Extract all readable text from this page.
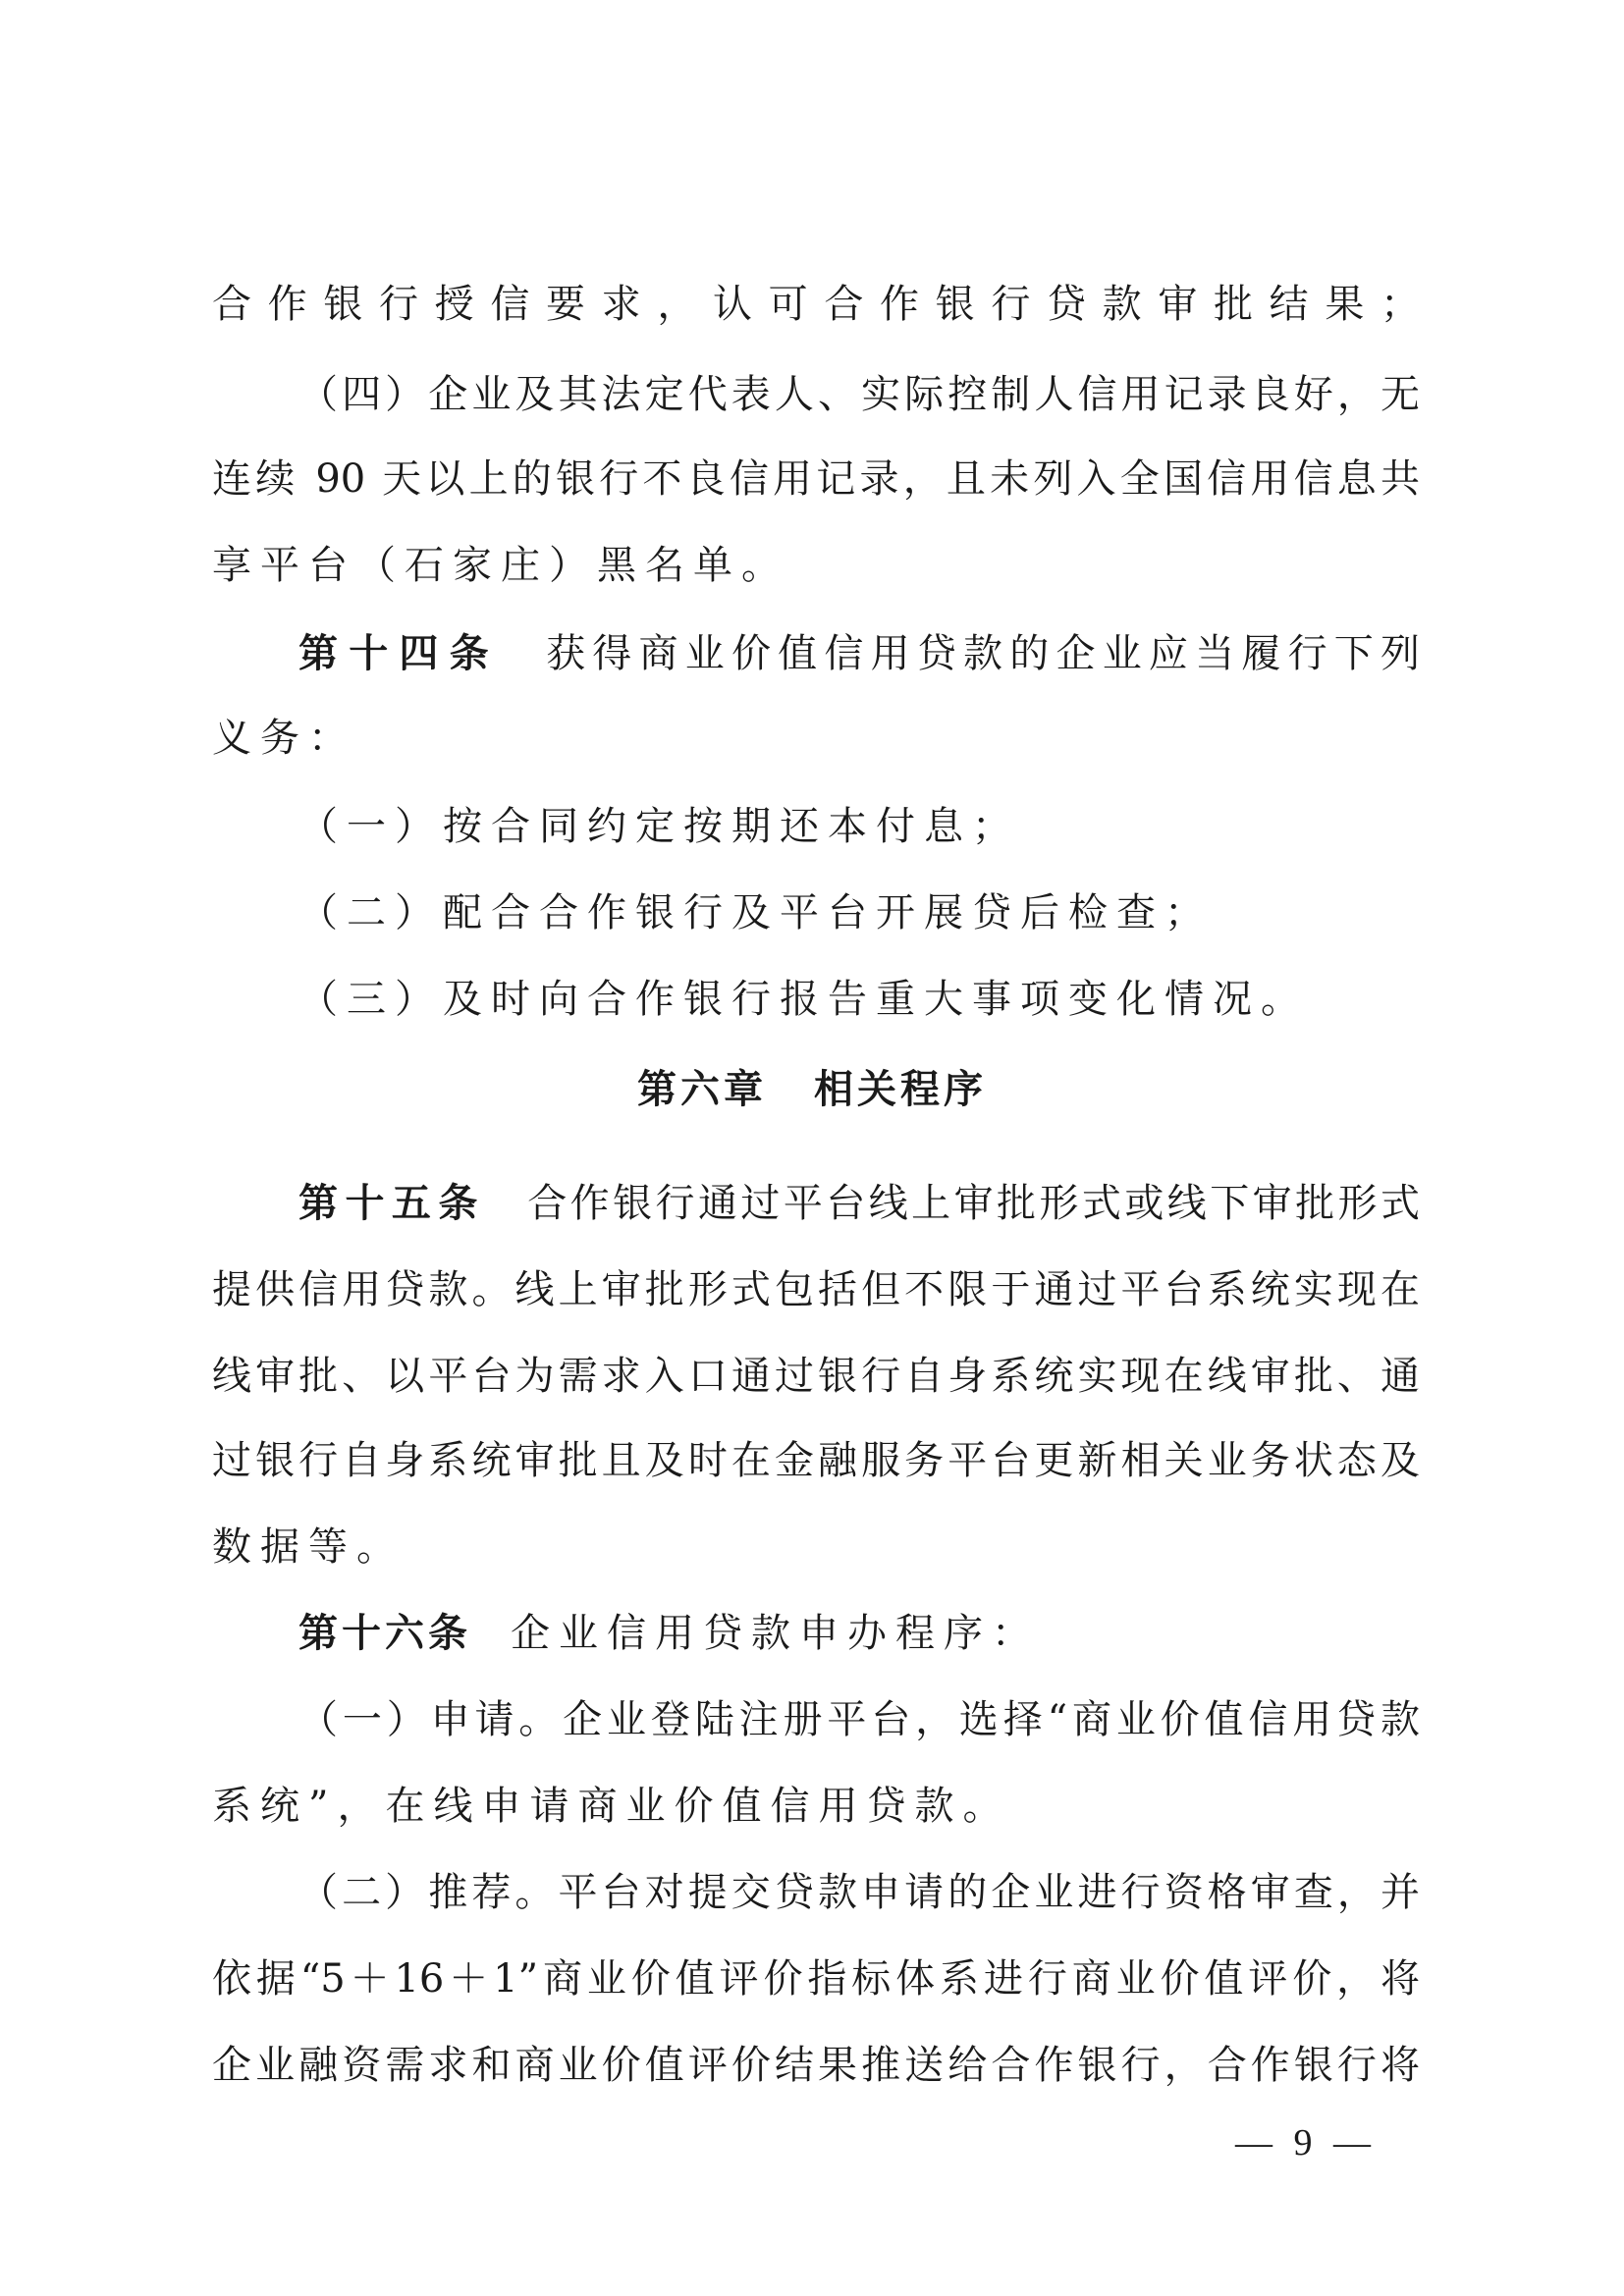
合作银行授信要求，认可合作银行贷款审批结果；
（四）企业及其法定代表人、实际控制人信用记录良好，无
连续 90 天以上的银行不良信用记录，且未列入全国信用信息共
享平台（石家庄）黑名单。
第十四条 获得商业价值信用贷款的企业应当履行下列
义务：
（一）按合同约定按期还本付息；
（二）配合合作银行及平台开展贷后检查；
（三）及时向合作银行报告重大事项变化情况。
第六章 相关程序
第十五条 合作银行通过平台线上审批形式或线下审批形式
提供信用贷款。线上审批形式包括但不限于通过平台系统实现在
线审批、以平台为需求入口通过银行自身系统实现在线审批、通
过银行自身系统审批且及时在金融服务平台更新相关业务状态及
数据等。
第十六条 企业信用贷款申办程序：
（一）申请。企业登陆注册平台，选择“商业价值信用贷款
系统”，在线申请商业价值信用贷款。
（二）推荐。平台对提交贷款申请的企业进行资格审查，并
依据“5＋16＋1”商业价值评价指标体系进行商业价值评价，将
企业融资需求和商业价值评价结果推送给合作银行，合作银行将
— 9 —
